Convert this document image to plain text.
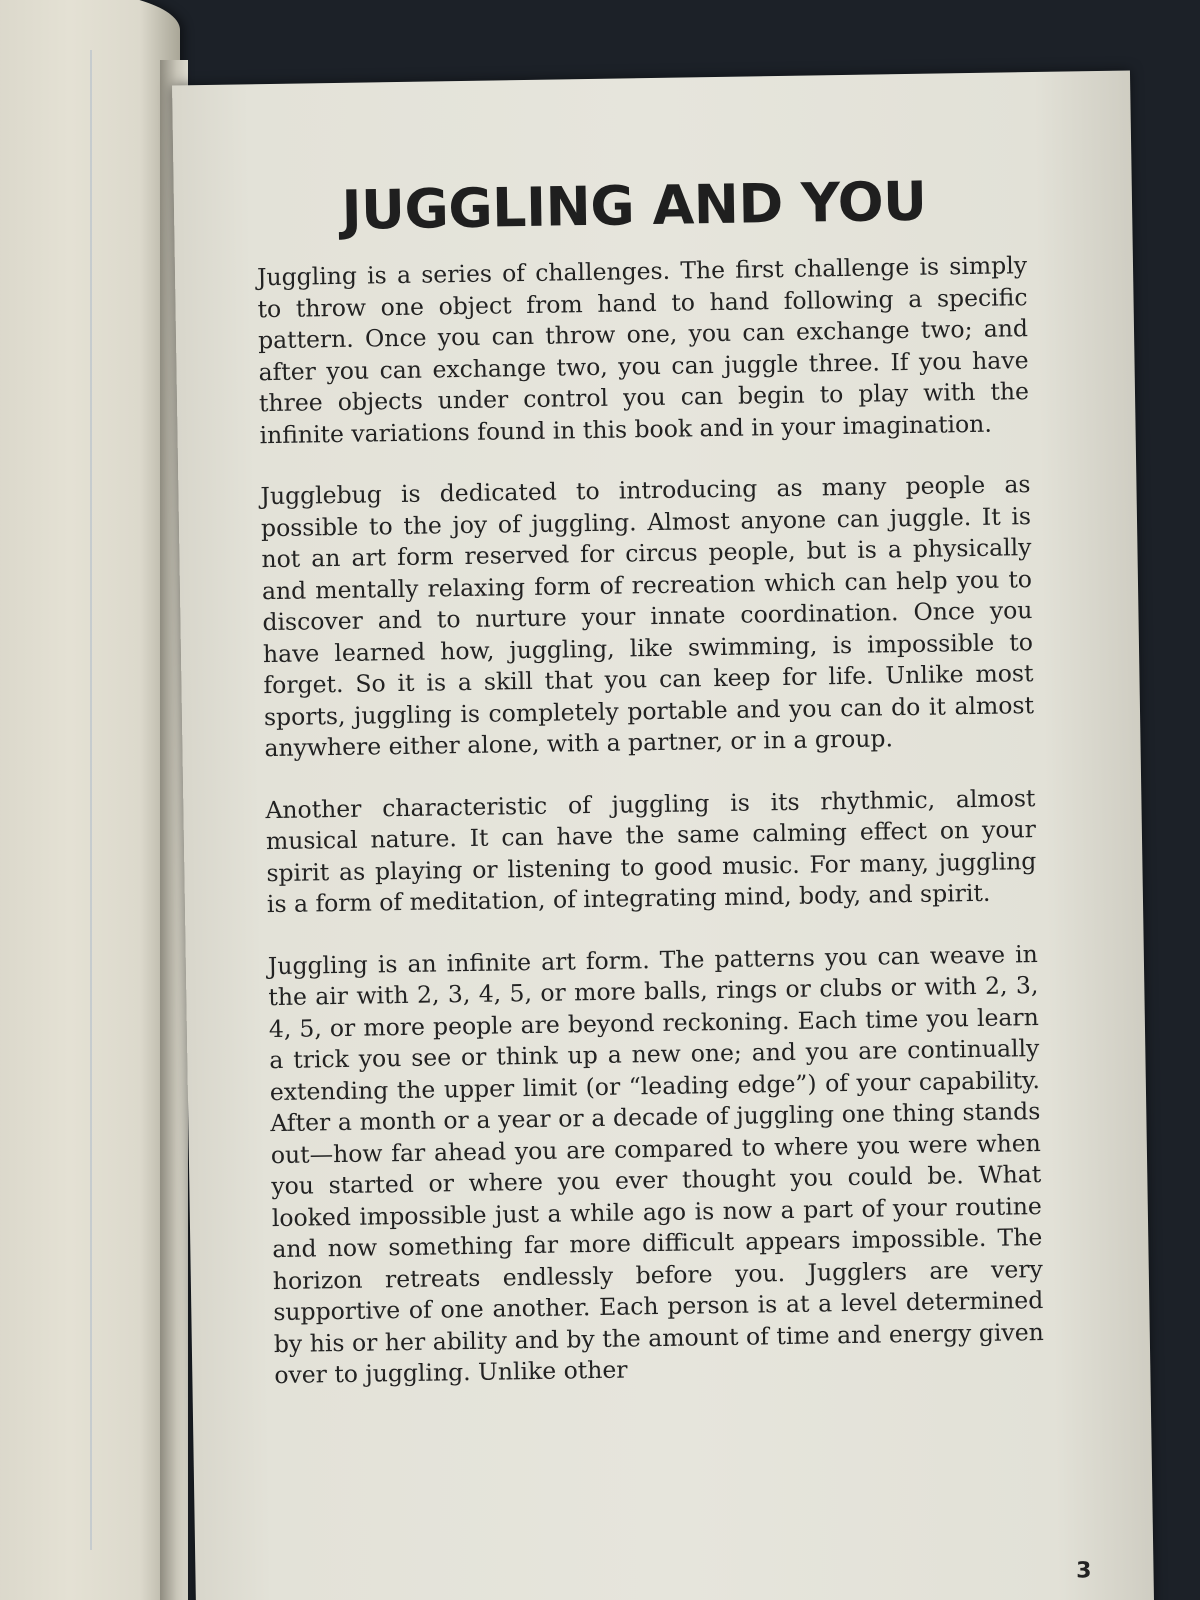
JUGGLING AND YOU

Juggling is a series of challenges. The first challenge is simply to throw one object from hand to hand following a specific pattern. Once you can throw one, you can exchange two; and after you can exchange two, you can juggle three. If you have three objects under control you can begin to play with the infinite variations found in this book and in your imagination.

Jugglebug is dedicated to introducing as many people as possible to the joy of juggling. Almost anyone can juggle. It is not an art form reserved for circus people, but is a physically and mentally relaxing form of recreation which can help you to discover and to nurture your innate coordination. Once you have learned how, juggling, like swimming, is impossible to forget. So it is a skill that you can keep for life. Unlike most sports, juggling is completely portable and you can do it almost anywhere either alone, with a partner, or in a group.

Another characteristic of juggling is its rhythmic, almost musical nature. It can have the same calming effect on your spirit as playing or listening to good music. For many, juggling is a form of meditation, of integrating mind, body, and spirit.

Juggling is an infinite art form. The patterns you can weave in the air with 2, 3, 4, 5, or more balls, rings or clubs or with 2, 3, 4, 5, or more people are beyond reckoning. Each time you learn a trick you see or think up a new one; and you are continually extending the upper limit (or “leading edge”) of your capability. After a month or a year or a decade of juggling one thing stands out—how far ahead you are compared to where you were when you started or where you ever thought you could be. What looked impossible just a while ago is now a part of your routine and now something far more difficult appears impossible. The horizon retreats endlessly before you. Jugglers are very supportive of one another. Each person is at a level determined by his or her ability and by the amount of time and energy given over to juggling. Unlike other

3
